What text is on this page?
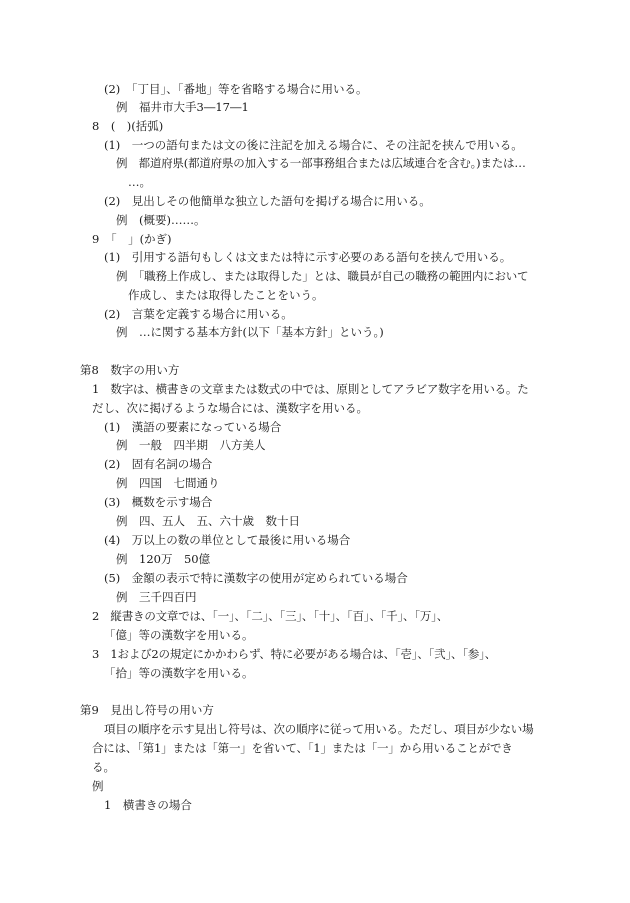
(2)　「丁目」、「番地」等を省略する場合に用いる。
例　福井市大手3―17―1
8　(　)(括弧)
(1)　一つの語句または文の後に注記を加える場合に、その注記を挟んで用いる。
例　都道府県(都道府県の加入する一部事務組合または広域連合を含む。)または…
…。
(2)　見出しその他簡単な独立した語句を掲げる場合に用いる。
例　(概要)……。
9　「　」(かぎ)
(1)　引用する語句もしくは文または特に示す必要のある語句を挟んで用いる。
例　「職務上作成し、または取得した」とは、職員が自己の職務の範囲内において
作成し、または取得したことをいう。
(2)　言葉を定義する場合に用いる。
例　…に関する基本方針(以下「基本方針」という。)
第8　数字の用い方
1　数字は、横書きの文章または数式の中では、原則としてアラビア数字を用いる。た
だし、次に掲げるような場合には、漢数字を用いる。
(1)　漢語の要素になっている場合
例　一般　四半期　八方美人
(2)　固有名詞の場合
例　四国　七間通り
(3)　概数を示す場合
例　四、五人　五、六十歳　数十日
(4)　万以上の数の単位として最後に用いる場合
例　120万　50億
(5)　金額の表示で特に漢数字の使用が定められている場合
例　三千四百円
2　縦書きの文章では、「一」、「二」、「三」、「十」、「百」、「千」、「万」、
「億」等の漢数字を用いる。
3　1および2の規定にかかわらず、特に必要がある場合は、「壱」、「弐」、「参」、
「拾」等の漢数字を用いる。
第9　見出し符号の用い方
項目の順序を示す見出し符号は、次の順序に従って用いる。ただし、項目が少ない場
合には、「第1」または「第一」を省いて、「1」または「一」から用いることができ
る。
例
1　横書きの場合
